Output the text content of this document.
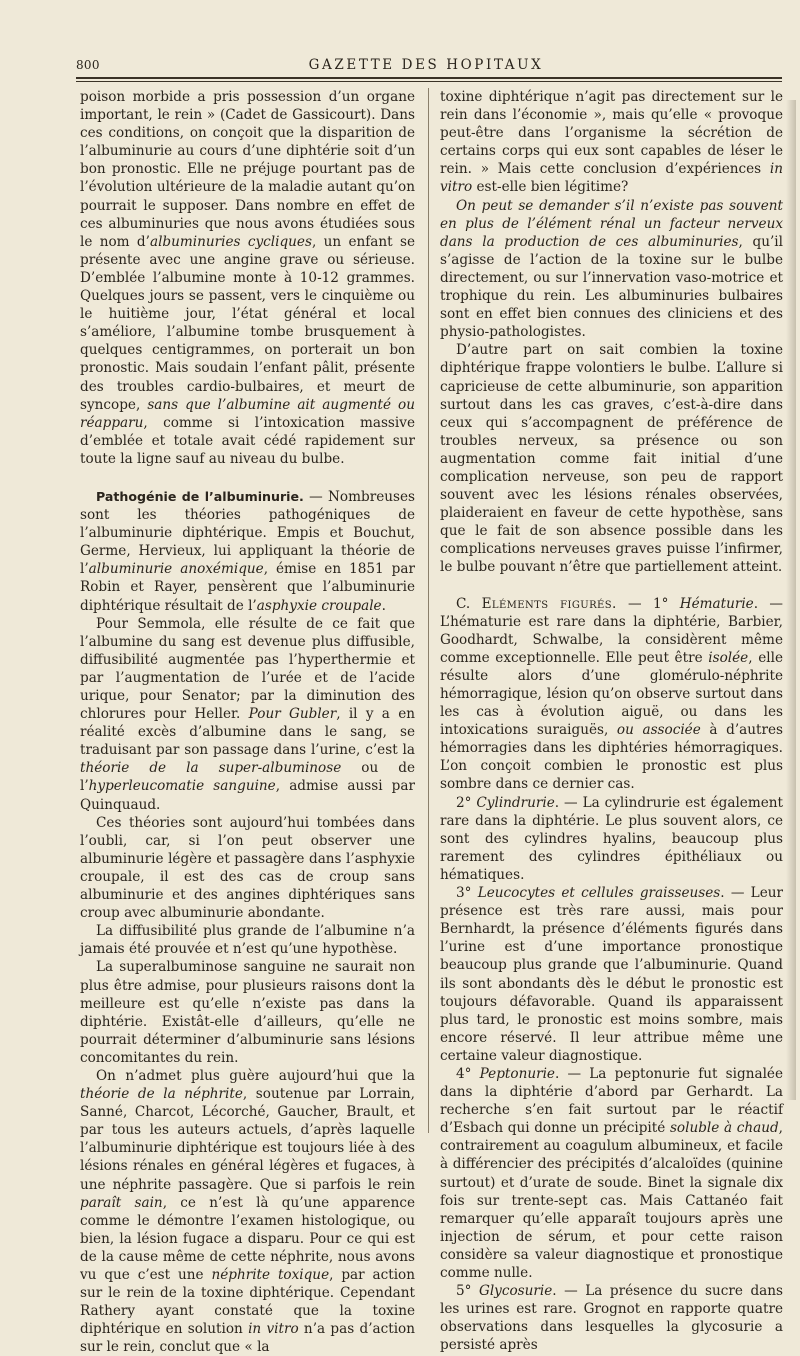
800	GAZETTE DES HOPITAUX

poison morbide a pris possession d’un organe important, le rein » (Cadet de Gassicourt). Dans ces conditions, on conçoit que la disparition de l’albuminurie au cours d’une diphtérie soit d’un bon pronostic. Elle ne préjuge pourtant pas de l’évolution ultérieure de la maladie autant qu’on pourrait le supposer. Dans nombre en effet de ces albuminuries que nous avons étudiées sous le nom d’albuminuries cycliques, un enfant se présente avec une angine grave ou sérieuse. D’emblée l’albumine monte à 10-12 grammes. Quelques jours se passent, vers le cinquième ou le huitième jour, l’état général et local s’améliore, l’albumine tombe brusquement à quelques centigrammes, on porterait un bon pronostic. Mais soudain l’enfant pâlit, présente des troubles cardio-bulbaires, et meurt de syncope, sans que l’albumine ait augmenté ou réapparu, comme si l’intoxication massive d’emblée et totale avait cédé rapidement sur toute la ligne sauf au niveau du bulbe.

Pathogénie de l’albuminurie. — Nombreuses sont les théories pathogéniques de l’albuminurie diphtérique. Empis et Bouchut, Germe, Hervieux, lui appliquant la théorie de l’albuminurie anoxémique, émise en 1851 par Robin et Rayer, pensèrent que l’albuminurie diphtérique résultait de l’asphyxie croupale.

Pour Semmola, elle résulte de ce fait que l’albumine du sang est devenue plus diffusible, diffusibilité augmentée pas l’hyperthermie et par l’augmentation de l’urée et de l’acide urique, pour Senator; par la diminution des chlorures pour Heller. Pour Gubler, il y a en réalité excès d’albumine dans le sang, se traduisant par son passage dans l’urine, c’est la théorie de la super-albuminose ou de l’hyperleucomatie sanguine, admise aussi par Quinquaud.

Ces théories sont aujourd’hui tombées dans l’oubli, car, si l’on peut observer une albuminurie légère et passagère dans l’asphyxie croupale, il est des cas de croup sans albuminurie et des angines diphtériques sans croup avec albuminurie abondante.

La diffusibilité plus grande de l’albumine n’a jamais été prouvée et n’est qu’une hypothèse.

La superalbuminose sanguine ne saurait non plus être admise, pour plusieurs raisons dont la meilleure est qu’elle n’existe pas dans la diphtérie. Existât-elle d’ailleurs, qu’elle ne pourrait déterminer d’albuminurie sans lésions concomitantes du rein.

On n’admet plus guère aujourd’hui que la théorie de la néphrite, soutenue par Lorrain, Sanné, Charcot, Lécorché, Gaucher, Brault, et par tous les auteurs actuels, d’après laquelle l’albuminurie diphtérique est toujours liée à des lésions rénales en général légères et fugaces, à une néphrite passagère. Que si parfois le rein paraît sain, ce n’est là qu’une apparence comme le démontre l’examen histologique, ou bien, la lésion fugace a disparu. Pour ce qui est de la cause même de cette néphrite, nous avons vu que c’est une néphrite toxique, par action sur le rein de la toxine diphtérique. Cependant Rathery ayant constaté que la toxine diphtérique en solution in vitro n’a pas d’action sur le rein, conclut que « la

toxine diphtérique n’agit pas directement sur le rein dans l’économie », mais qu’elle « provoque peut-être dans l’organisme la sécrétion de certains corps qui eux sont capables de léser le rein. » Mais cette conclusion d’expériences in vitro est-elle bien légitime?

On peut se demander s’il n’existe pas souvent en plus de l’élément rénal un facteur nerveux dans la production de ces albuminuries, qu’il s’agisse de l’action de la toxine sur le bulbe directement, ou sur l’innervation vaso-motrice et trophique du rein. Les albuminuries bulbaires sont en effet bien connues des cliniciens et des physio-pathologistes.

D’autre part on sait combien la toxine diphtérique frappe volontiers le bulbe. L’allure si capricieuse de cette albuminurie, son apparition surtout dans les cas graves, c’est-à-dire dans ceux qui s’accompagnent de préférence de troubles nerveux, sa présence ou son augmentation comme fait initial d’une complication nerveuse, son peu de rapport souvent avec les lésions rénales observées, plaideraient en faveur de cette hypothèse, sans que le fait de son absence possible dans les complications nerveuses graves puisse l’infirmer, le bulbe pouvant n’être que partiellement atteint.

C. Eléments figurés. — 1° Hématurie. — L’hématurie est rare dans la diphtérie, Barbier, Goodhardt, Schwalbe, la considèrent même comme exceptionnelle. Elle peut être isolée, elle résulte alors d’une glomérulo-néphrite hémorragique, lésion qu’on observe surtout dans les cas à évolution aiguë, ou dans les intoxications suraiguës, ou associée à d’autres hémorragies dans les diphtéries hémorragiques. L’on conçoit combien le pronostic est plus sombre dans ce dernier cas.

2° Cylindrurie. — La cylindrurie est également rare dans la diphtérie. Le plus souvent alors, ce sont des cylindres hyalins, beaucoup plus rarement des cylindres épithéliaux ou hématiques.

3° Leucocytes et cellules graisseuses. — Leur présence est très rare aussi, mais pour Bernhardt, la présence d’éléments figurés dans l’urine est d’une importance pronostique beaucoup plus grande que l’albuminurie. Quand ils sont abondants dès le début le pronostic est toujours défavorable. Quand ils apparaissent plus tard, le pronostic est moins sombre, mais encore réservé. Il leur attribue même une certaine valeur diagnostique.

4° Peptonurie. — La peptonurie fut signalée dans la diphtérie d’abord par Gerhardt. La recherche s’en fait surtout par le réactif d’Esbach qui donne un précipité soluble à chaud, contrairement au coagulum albumineux, et facile à différencier des précipités d’alcaloïdes (quinine surtout) et d’urate de soude. Binet la signale dix fois sur trente-sept cas. Mais Cattanéo fait remarquer qu’elle apparaît toujours après une injection de sérum, et pour cette raison considère sa valeur diagnostique et pronostique comme nulle.

5° Glycosurie. — La présence du sucre dans les urines est rare. Grognot en rapporte quatre observations dans lesquelles la glycosurie a persisté après
